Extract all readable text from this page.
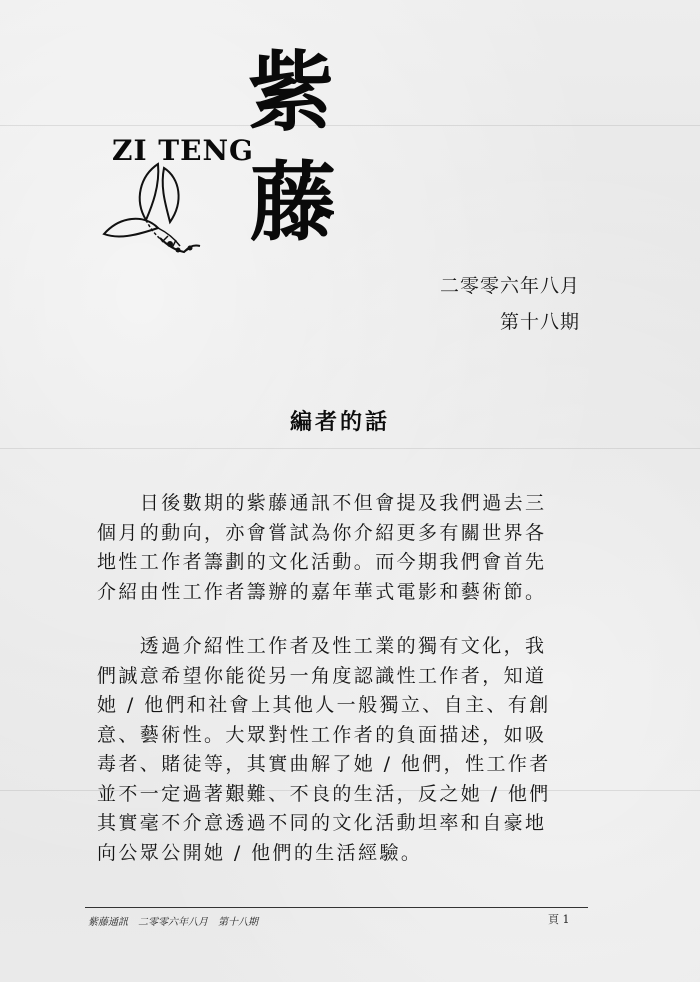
紫
ZI TENG
藤
二零零六年八月
第十八期
編者的話
　　日後數期的紫藤通訊不但會提及我們過去三
個月的動向，亦會嘗試為你介紹更多有關世界各
地性工作者籌劃的文化活動。而今期我們會首先
介紹由性工作者籌辦的嘉年華式電影和藝術節。
　　透過介紹性工作者及性工業的獨有文化，我
們誠意希望你能從另一角度認識性工作者，知道
她 / 他們和社會上其他人一般獨立、自主、有創
意、藝術性。大眾對性工作者的負面描述，如吸
毒者、賭徒等，其實曲解了她 / 他們，性工作者
並不一定過著艱難、不良的生活，反之她 / 他們
其實毫不介意透過不同的文化活動坦率和自豪地
向公眾公開她 / 他們的生活經驗。
紫藤通訊　二零零六年八月　第十八期	頁 1
